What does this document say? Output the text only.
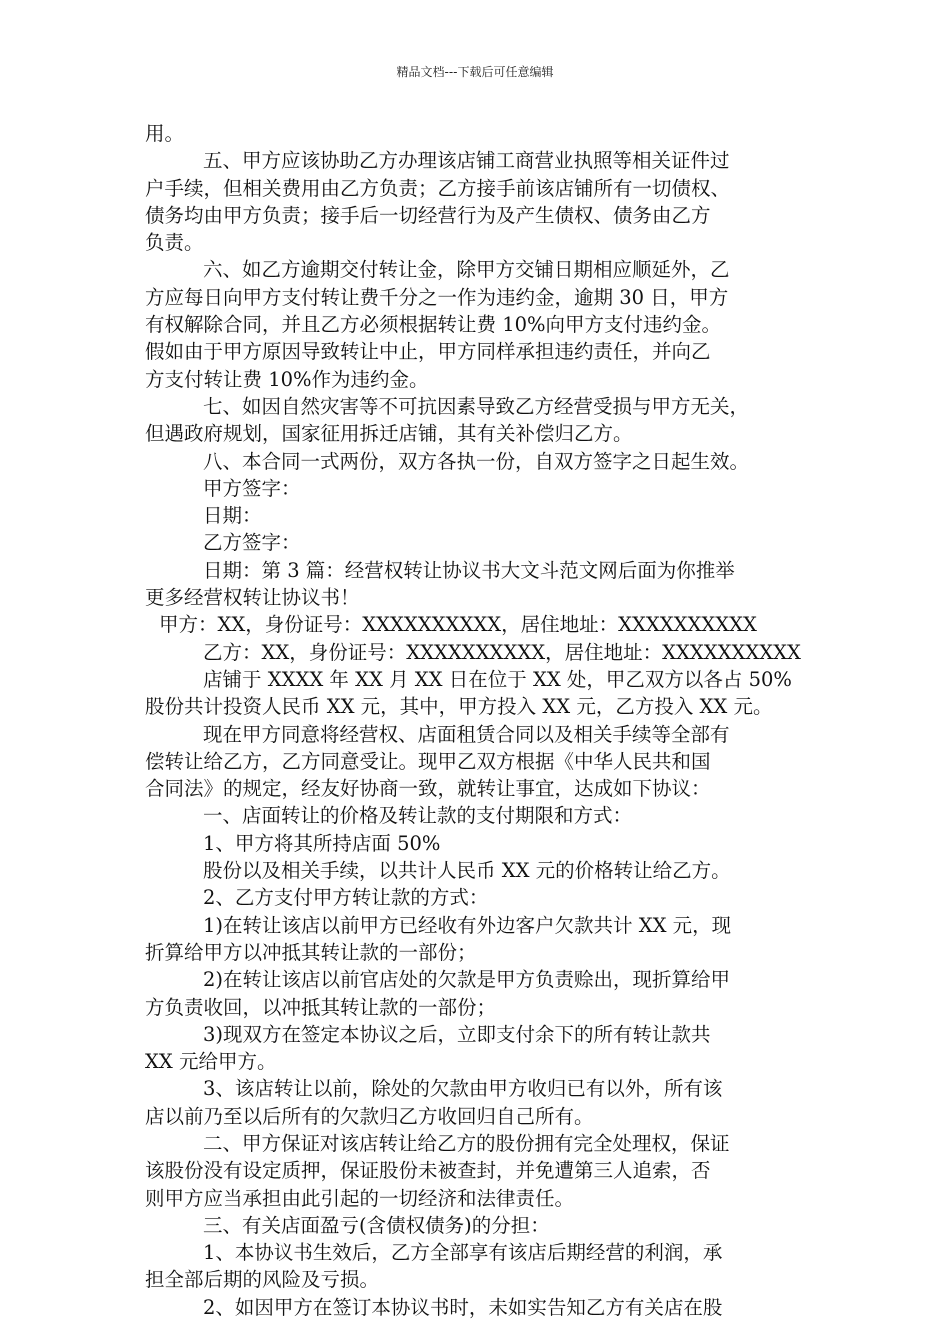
精品文档---下载后可任意编辑
用。
五、甲方应该协助乙方办理该店铺工商营业执照等相关证件过
户手续，但相关费用由乙方负责；乙方接手前该店铺所有一切债权、
债务均由甲方负责；接手后一切经营行为及产生债权、债务由乙方
负责。
六、如乙方逾期交付转让金，除甲方交铺日期相应顺延外，乙
方应每日向甲方支付转让费千分之一作为违约金，逾期 30 日，甲方
有权解除合同，并且乙方必须根据转让费 10%向甲方支付违约金。
假如由于甲方原因导致转让中止，甲方同样承担违约责任，并向乙
方支付转让费 10%作为违约金。
七、如因自然灾害等不可抗因素导致乙方经营受损与甲方无关，
但遇政府规划，国家征用拆迁店铺，其有关补偿归乙方。
八、本合同一式两份，双方各执一份，自双方签字之日起生效。
甲方签字：
日期：
乙方签字：
日期：第 3 篇：经营权转让协议书大文斗范文网后面为你推举
更多经营权转让协议书！
甲方：XX，身份证号：XXXXXXXXXX，居住地址：XXXXXXXXXX
乙方：XX，身份证号：XXXXXXXXXX，居住地址：XXXXXXXXXX
店铺于 XXXX 年 XX 月 XX 日在位于 XX 处，甲乙双方以各占 50%
股份共计投资人民币 XX 元，其中，甲方投入 XX 元，乙方投入 XX 元。
现在甲方同意将经营权、店面租赁合同以及相关手续等全部有
偿转让给乙方，乙方同意受让。现甲乙双方根据《中华人民共和国
合同法》的规定，经友好协商一致，就转让事宜，达成如下协议：
一、店面转让的价格及转让款的支付期限和方式：
1、甲方将其所持店面 50%
股份以及相关手续，以共计人民币 XX 元的价格转让给乙方。
2、乙方支付甲方转让款的方式：
1)在转让该店以前甲方已经收有外边客户欠款共计 XX 元，现
折算给甲方以冲抵其转让款的一部份；
2)在转让该店以前官店处的欠款是甲方负责赊出，现折算给甲
方负责收回，以冲抵其转让款的一部份；
3)现双方在签定本协议之后，立即支付余下的所有转让款共
XX 元给甲方。
3、该店转让以前，除处的欠款由甲方收归已有以外，所有该
店以前乃至以后所有的欠款归乙方收回归自己所有。
二、甲方保证对该店转让给乙方的股份拥有完全处理权，保证
该股份没有设定质押，保证股份未被查封，并免遭第三人追索，否
则甲方应当承担由此引起的一切经济和法律责任。
三、有关店面盈亏(含债权债务)的分担：
1、本协议书生效后，乙方全部享有该店后期经营的利润，承
担全部后期的风险及亏损。
2、如因甲方在签订本协议书时，未如实告知乙方有关店在股
